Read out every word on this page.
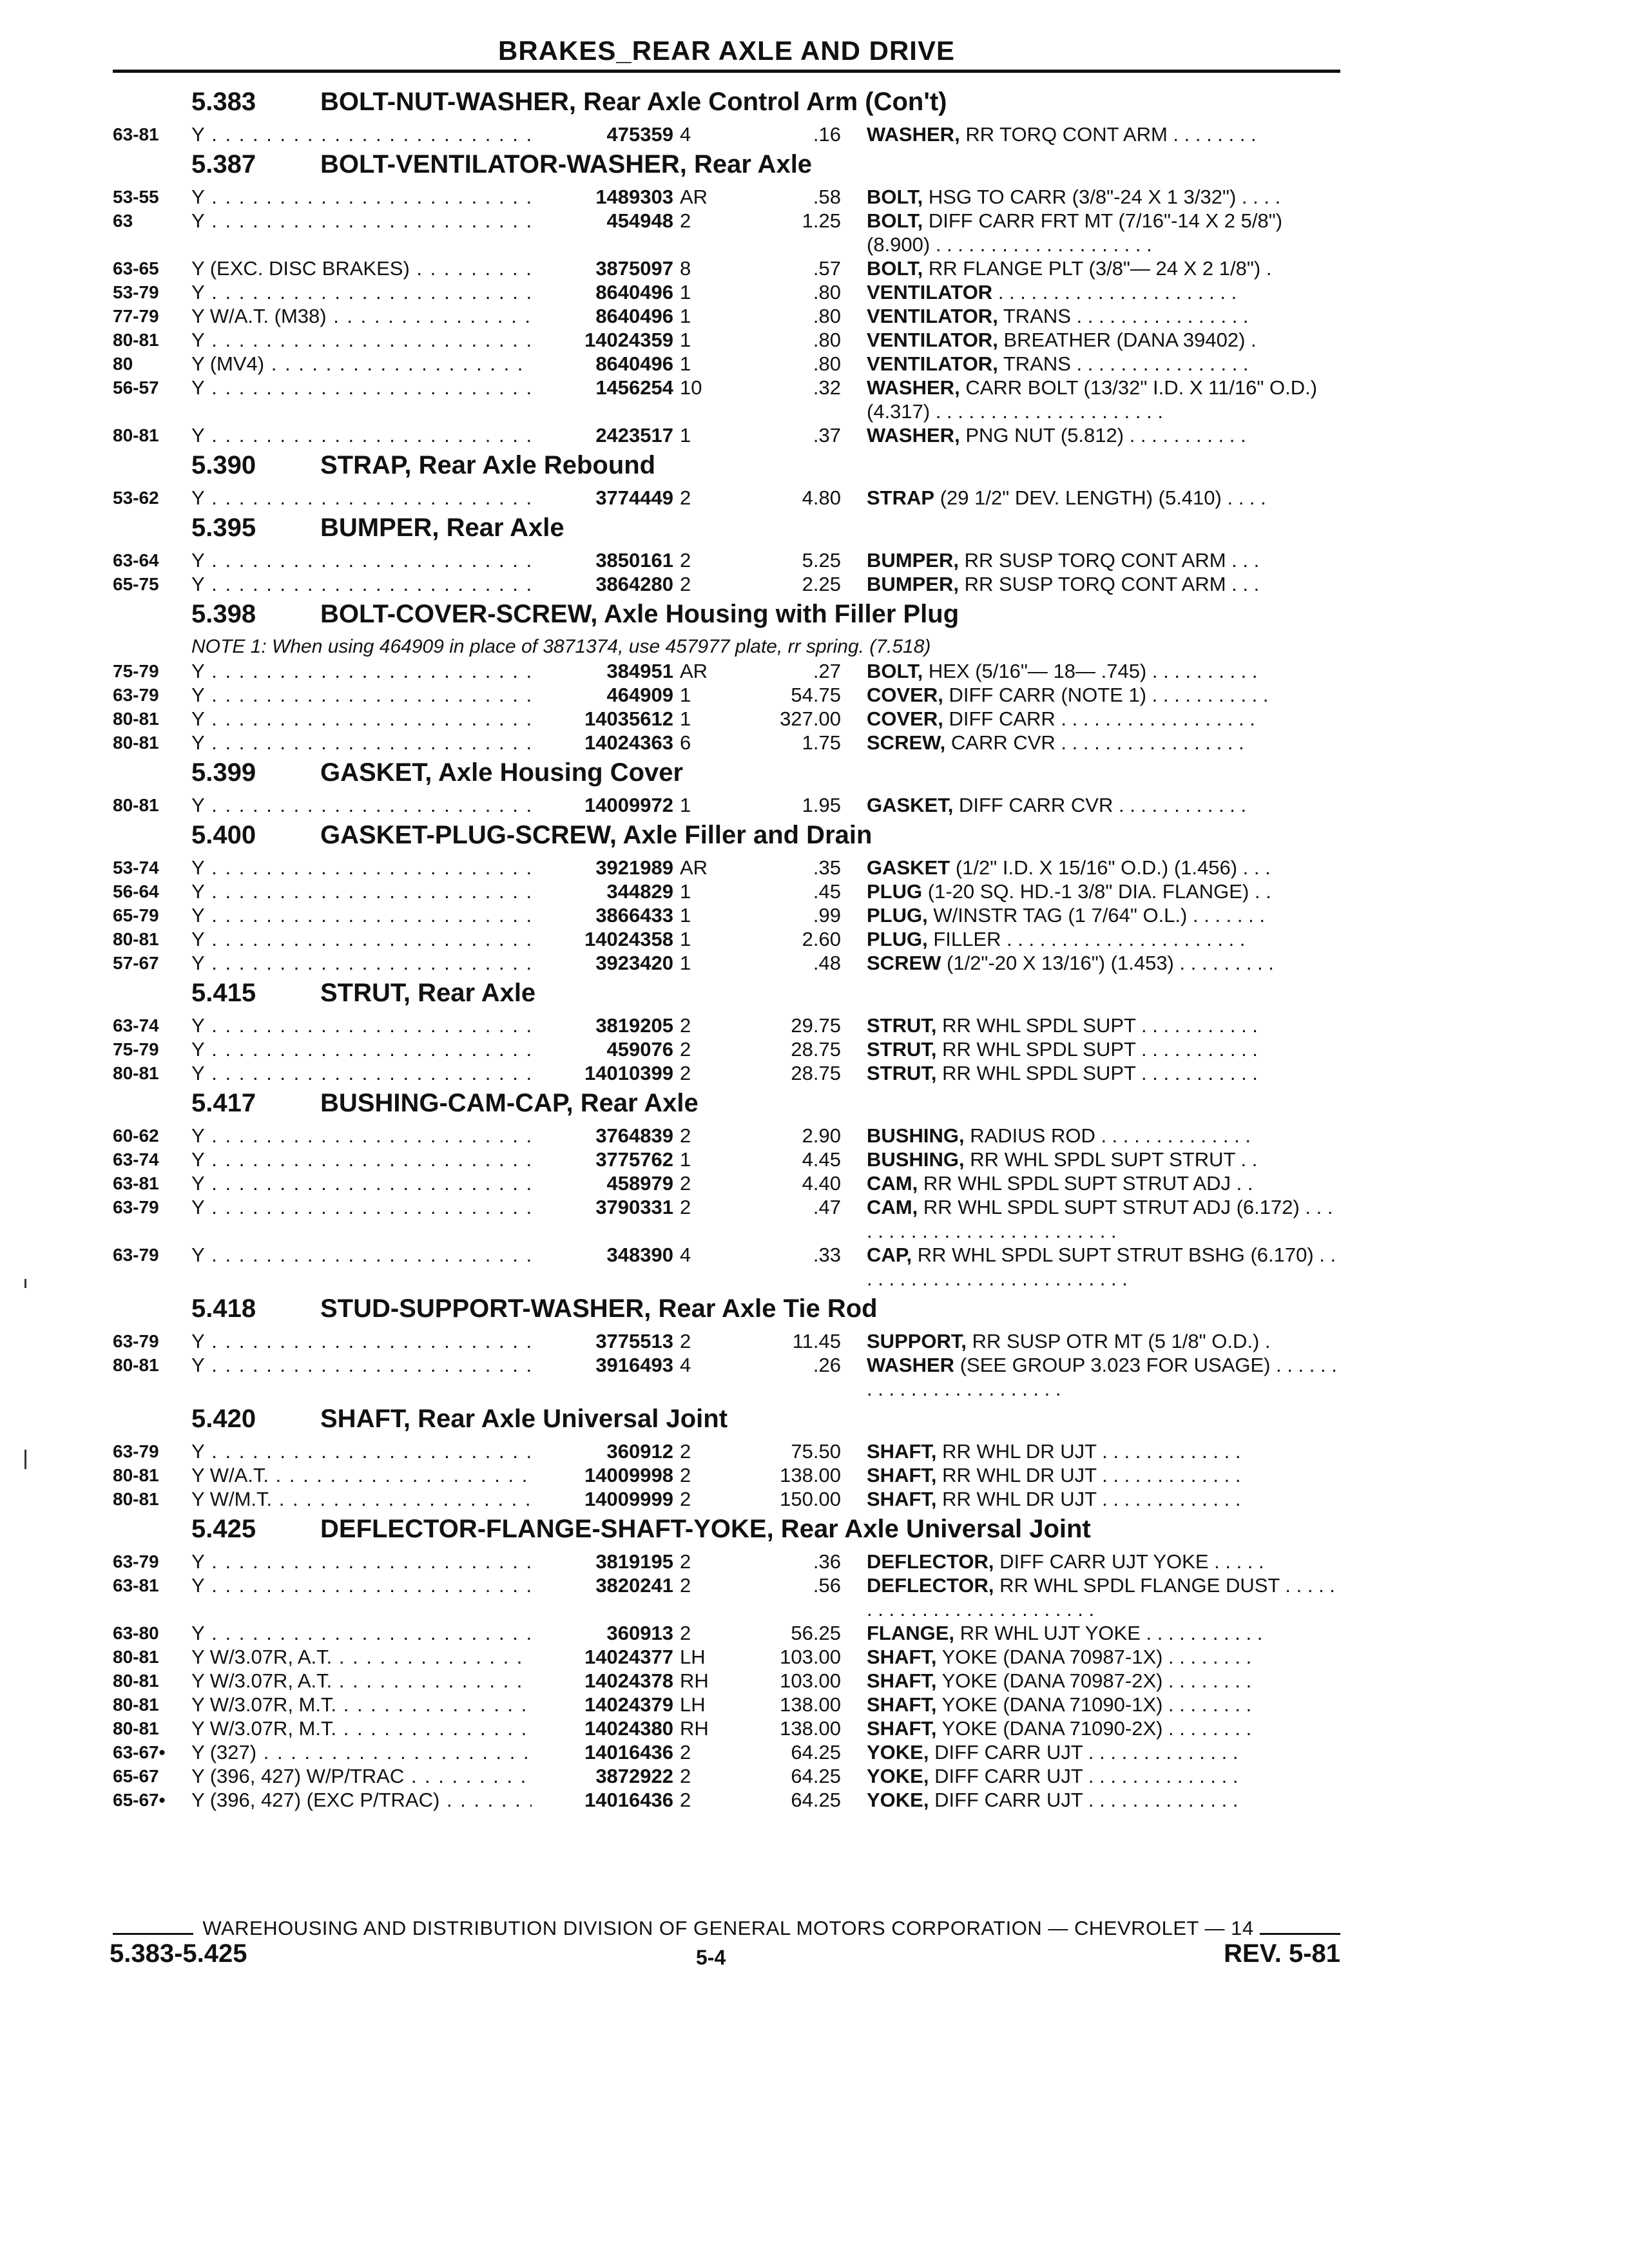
BRAKES_REAR AXLE AND DRIVE
5.383 BOLT-NUT-WASHER, Rear Axle Control Arm (Con't)
63-81 Y . . .	475359 4	.16 WASHER, RR TORQ CONT ARM . . . . . . . .
5.387 BOLT-VENTILATOR-WASHER, Rear Axle
53-55 Y . . .	1489303 AR	.58 BOLT, HSG TO CARR (3/8"-24 X 1 3/32") . . . .
63	Y . . .	454948 2	1.25 BOLT, DIFF CARR FRT MT (7/16"-14 X 2 5/8") (8.900) . . . . . . . . . . . . . . . . . . . .
63-65 Y (EXC. DISC BRAKES) . . .	3875097 8	.57 BOLT, RR FLANGE PLT (3/8"— 24 X 2 1/8") .
53-79 Y . . .	8640496 1	.80 VENTILATOR . . . . . . . . . . . . . . . . . . . . . .
77-79 Y W/A.T. (M38) . . .	8640496 1	.80 VENTILATOR, TRANS . . . . . . . . . . . . . . . .
80-81 Y . . .	14024359 1	.80 VENTILATOR, BREATHER (DANA 39402) .
80	Y (MV4) . . .	8640496 1	.80 VENTILATOR, TRANS . . . . . . . . . . . . . . . .
56-57 Y . . .	1456254 10	.32 WASHER, CARR BOLT (13/32" I.D. X 11/16" O.D.) (4.317) . . . . . . . . . . . . . . . . . . . . .
80-81 Y . . .	2423517 1	.37 WASHER, PNG NUT (5.812) . . . . . . . . . . .
5.390 STRAP, Rear Axle Rebound
53-62 Y . . .	3774449 2	4.80 STRAP (29 1/2" DEV. LENGTH) (5.410) . . . .
5.395 BUMPER, Rear Axle
63-64 Y . . .	3850161 2	5.25 BUMPER, RR SUSP TORQ CONT ARM . . .
65-75 Y . . .	3864280 2	2.25 BUMPER, RR SUSP TORQ CONT ARM . . .
5.398 BOLT-COVER-SCREW, Axle Housing with Filler Plug
NOTE 1: When using 464909 in place of 3871374, use 457977 plate, rr spring. (7.518)
75-79 Y . . .	384951 AR	.27 BOLT, HEX (5/16"— 18— .745) . . . . . . . . . .
63-79 Y . . .	464909 1	54.75 COVER, DIFF CARR (NOTE 1) . . . . . . . . . . .
80-81 Y . . .	14035612 1	327.00 COVER, DIFF CARR . . . . . . . . . . . . . . . . . .
80-81 Y . . .	14024363 6	1.75 SCREW, CARR CVR . . . . . . . . . . . . . . . . .
5.399 GASKET, Axle Housing Cover
80-81 Y . . .	14009972 1	1.95 GASKET, DIFF CARR CVR . . . . . . . . . . . .
5.400 GASKET-PLUG-SCREW, Axle Filler and Drain
53-74 Y . . .	3921989 AR	.35 GASKET (1/2" I.D. X 15/16" O.D.) (1.456) . . .
56-64 Y . . .	344829 1	.45 PLUG (1-20 SQ. HD.-1 3/8" DIA. FLANGE) . .
65-79 Y . . .	3866433 1	.99 PLUG, W/INSTR TAG (1 7/64" O.L.) . . . . . . .
80-81 Y . . .	14024358 1	2.60 PLUG, FILLER . . . . . . . . . . . . . . . . . . . . . .
57-67 Y . . .	3923420 1	.48 SCREW (1/2"-20 X 13/16") (1.453) . . . . . . . . .
5.415 STRUT, Rear Axle
63-74 Y . . .	3819205 2	29.75 STRUT, RR WHL SPDL SUPT . . . . . . . . . . .
75-79 Y . . .	459076 2	28.75 STRUT, RR WHL SPDL SUPT . . . . . . . . . . .
80-81 Y . . .	14010399 2	28.75 STRUT, RR WHL SPDL SUPT . . . . . . . . . . .
5.417 BUSHING-CAM-CAP, Rear Axle
60-62 Y . . .	3764839 2	2.90 BUSHING, RADIUS ROD . . . . . . . . . . . . . .
63-74 Y . . .	3775762 1	4.45 BUSHING, RR WHL SPDL SUPT STRUT . .
63-81 Y . . .	458979 2	4.40 CAM, RR WHL SPDL SUPT STRUT ADJ . .
63-79 Y . . .	3790331 2	.47 CAM, RR WHL SPDL SUPT STRUT ADJ (6.172) . . . . . . . . . . . . . . . . . . . . . . . . . .
63-79 Y . . .	348390 4	.33 CAP, RR WHL SPDL SUPT STRUT BSHG (6.170) . . . . . . . . . . . . . . . . . . . . . . . . . .
5.418 STUD-SUPPORT-WASHER, Rear Axle Tie Rod
63-79 Y . . .	3775513 2	11.45 SUPPORT, RR SUSP OTR MT (5 1/8" O.D.) .
80-81 Y . . .	3916493 4	.26 WASHER (SEE GROUP 3.023 FOR USAGE) . . . . . . . . . . . . . . . . . . . . . . . .
5.420 SHAFT, Rear Axle Universal Joint
63-79 Y . . .	360912 2	75.50 SHAFT, RR WHL DR UJT . . . . . . . . . . . . .
80-81 Y W/A.T. . . .	14009998 2	138.00 SHAFT, RR WHL DR UJT . . . . . . . . . . . . .
80-81 Y W/M.T. . . .	14009999 2	150.00 SHAFT, RR WHL DR UJT . . . . . . . . . . . . .
5.425 DEFLECTOR-FLANGE-SHAFT-YOKE, Rear Axle Universal Joint
63-79 Y . . .	3819195 2	.36 DEFLECTOR, DIFF CARR UJT YOKE . . . . .
63-81 Y . . .	3820241 2	.56 DEFLECTOR, RR WHL SPDL FLANGE DUST . . . . . . . . . . . . . . . . . . . . . . . . . .
63-80 Y . . .	360913 2	56.25 FLANGE, RR WHL UJT YOKE . . . . . . . . . . .
80-81 Y W/3.07R, A.T. . . .	14024377 LH	103.00 SHAFT, YOKE (DANA 70987-1X) . . . . . . . .
80-81 Y W/3.07R, A.T. . . .	14024378 RH	103.00 SHAFT, YOKE (DANA 70987-2X) . . . . . . . .
80-81 Y W/3.07R, M.T. . . .	14024379 LH	138.00 SHAFT, YOKE (DANA 71090-1X) . . . . . . . .
80-81 Y W/3.07R, M.T. . . .	14024380 RH	138.00 SHAFT, YOKE (DANA 71090-2X) . . . . . . . .
63-67• Y (327) . . .	14016436 2	64.25 YOKE, DIFF CARR UJT . . . . . . . . . . . . . .
65-67 Y (396, 427) W/P/TRAC . . .	3872922 2	64.25 YOKE, DIFF CARR UJT . . . . . . . . . . . . . .
65-67• Y (396, 427) (EXC P/TRAC) . . .	14016436 2	64.25 YOKE, DIFF CARR UJT . . . . . . . . . . . . . .
WAREHOUSING AND DISTRIBUTION DIVISION OF GENERAL MOTORS CORPORATION — CHEVROLET — 14
5.383-5.425	5-4	REV. 5-81
